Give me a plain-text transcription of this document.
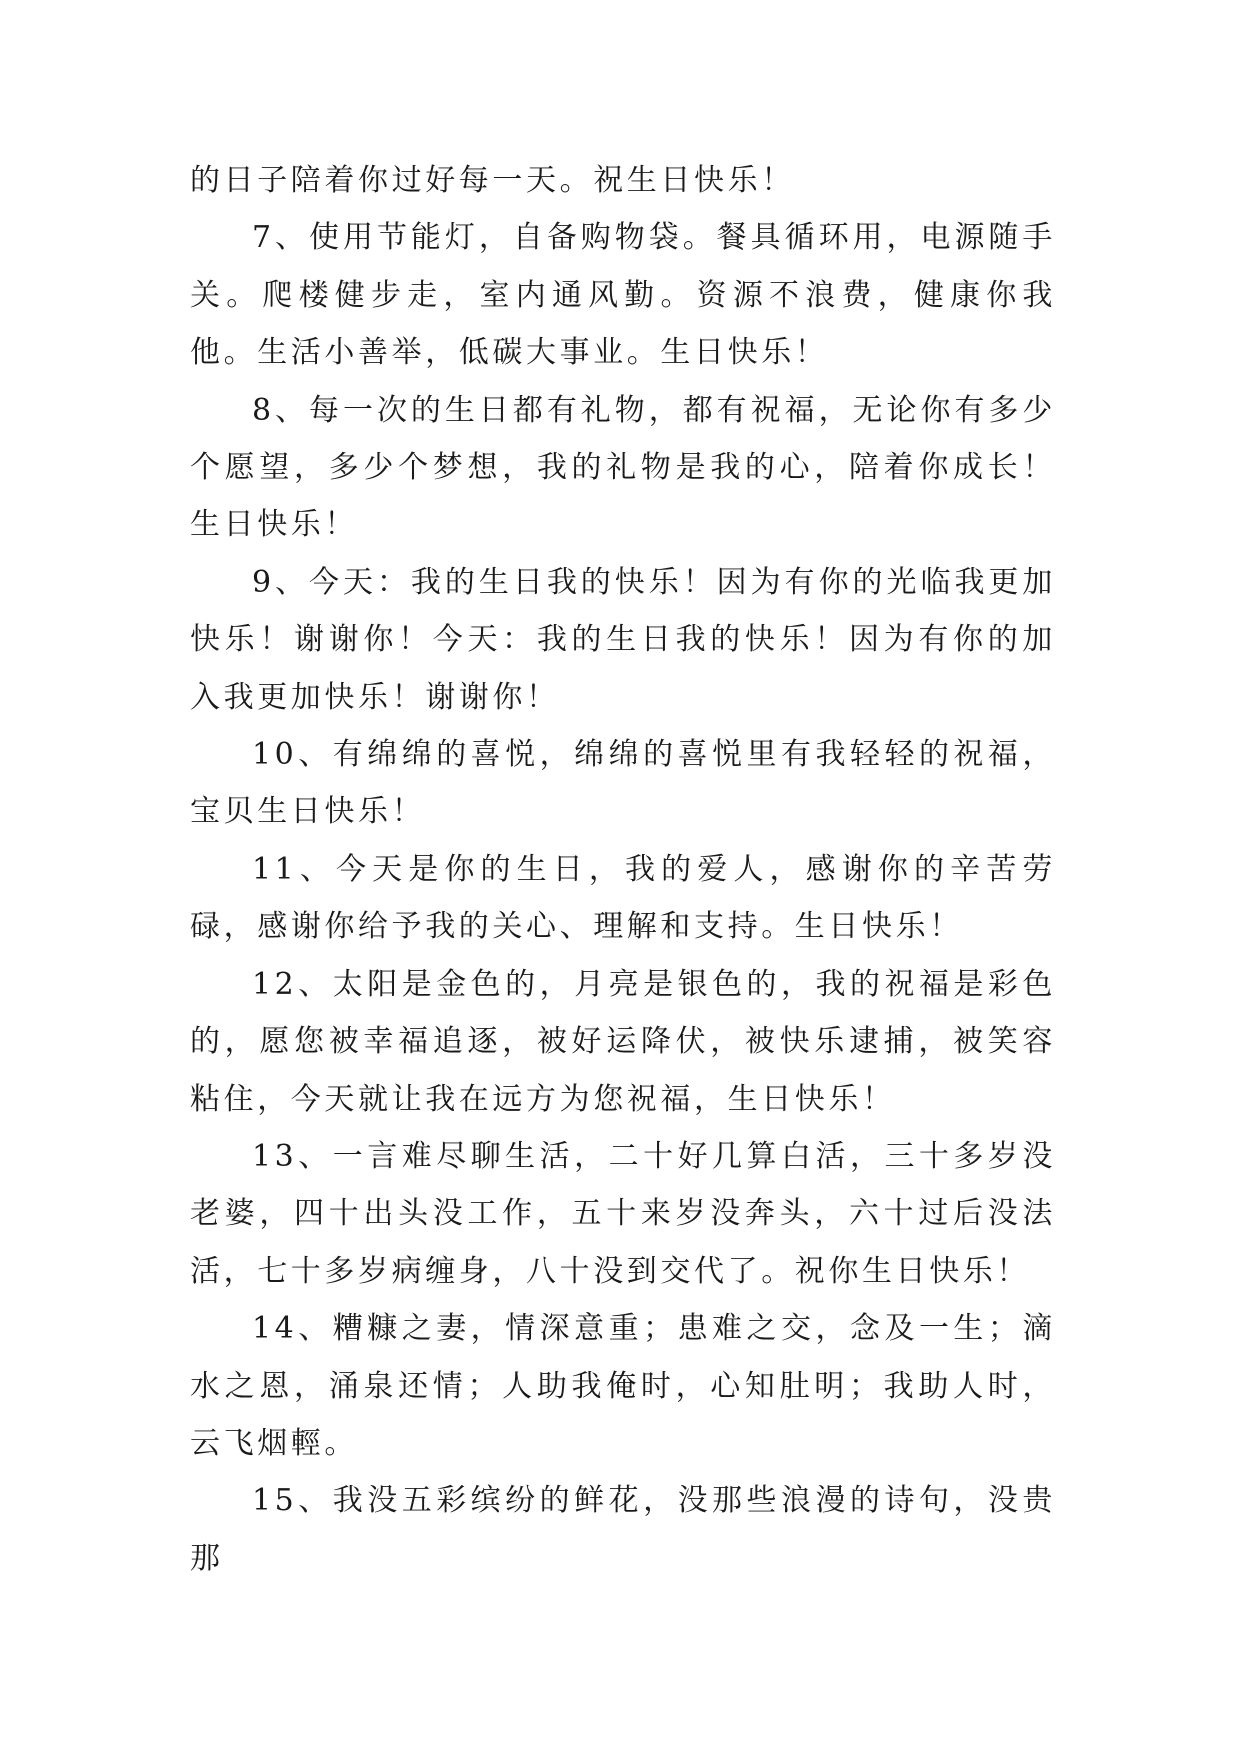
的日子陪着你过好每一天。祝生日快乐！

7、使用节能灯，自备购物袋。餐具循环用，电源随手关。爬楼健步走，室内通风勤。资源不浪费，健康你我他。生活小善举，低碳大事业。生日快乐！

8、每一次的生日都有礼物，都有祝福，无论你有多少个愿望，多少个梦想，我的礼物是我的心，陪着你成长！生日快乐！

9、今天：我的生日我的快乐！因为有你的光临我更加快乐！谢谢你！今天：我的生日我的快乐！因为有你的加入我更加快乐！谢谢你！

10、有绵绵的喜悦，绵绵的喜悦里有我轻轻的祝福，宝贝生日快乐！

11、今天是你的生日，我的爱人，感谢你的辛苦劳碌，感谢你给予我的关心、理解和支持。生日快乐！

12、太阳是金色的，月亮是银色的，我的祝福是彩色的，愿您被幸福追逐，被好运降伏，被快乐逮捕，被笑容粘住，今天就让我在远方为您祝福，生日快乐！

13、一言难尽聊生活，二十好几算白活，三十多岁没老婆，四十出头没工作，五十来岁没奔头，六十过后没法活，七十多岁病缠身，八十没到交代了。祝你生日快乐！

14、糟糠之妻，情深意重；患难之交，念及一生；滴水之恩，涌泉还情；人助我俺时，心知肚明；我助人时，云飞烟輕。

15、我没五彩缤纷的鲜花，没那些浪漫的诗句，没贵那
